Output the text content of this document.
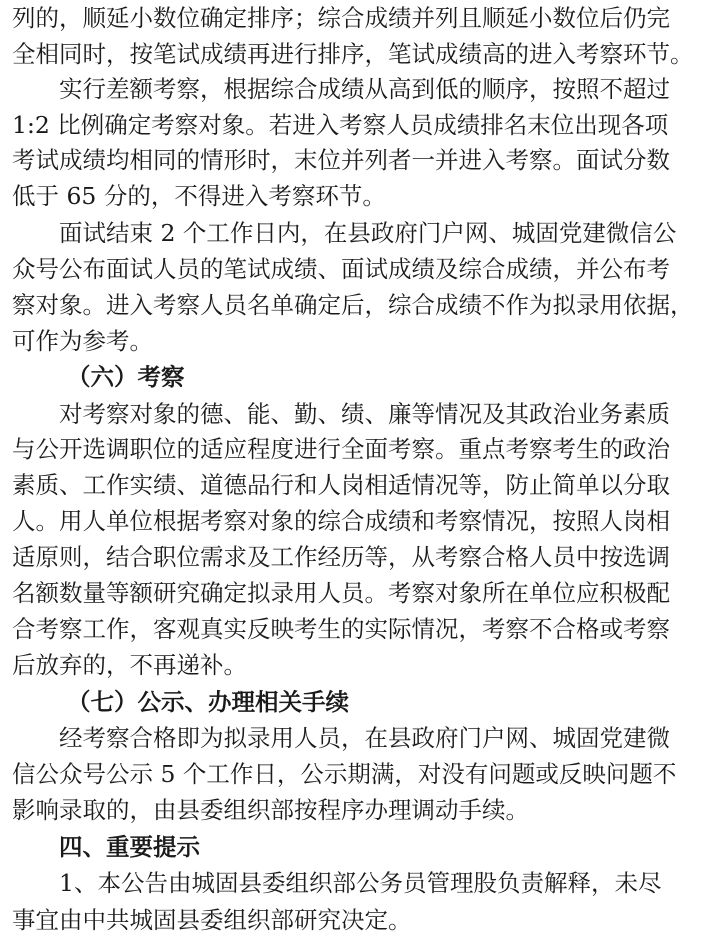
列的，顺延小数位确定排序；综合成绩并列且顺延小数位后仍完
全相同时，按笔试成绩再进行排序，笔试成绩高的进入考察环节。
实行差额考察，根据综合成绩从高到低的顺序，按照不超过
1:2 比例确定考察对象。若进入考察人员成绩排名末位出现各项
考试成绩均相同的情形时，末位并列者一并进入考察。面试分数
低于 65 分的，不得进入考察环节。
面试结束 2 个工作日内，在县政府门户网、城固党建微信公
众号公布面试人员的笔试成绩、面试成绩及综合成绩，并公布考
察对象。进入考察人员名单确定后，综合成绩不作为拟录用依据，
可作为参考。
（六）考察
对考察对象的德、能、勤、绩、廉等情况及其政治业务素质
与公开选调职位的适应程度进行全面考察。重点考察考生的政治
素质、工作实绩、道德品行和人岗相适情况等，防止简单以分取
人。用人单位根据考察对象的综合成绩和考察情况，按照人岗相
适原则，结合职位需求及工作经历等，从考察合格人员中按选调
名额数量等额研究确定拟录用人员。考察对象所在单位应积极配
合考察工作，客观真实反映考生的实际情况，考察不合格或考察
后放弃的，不再递补。
（七）公示、办理相关手续
经考察合格即为拟录用人员，在县政府门户网、城固党建微
信公众号公示 5 个工作日，公示期满，对没有问题或反映问题不
影响录取的，由县委组织部按程序办理调动手续。
四、重要提示
1、本公告由城固县委组织部公务员管理股负责解释，未尽
事宜由中共城固县委组织部研究决定。
